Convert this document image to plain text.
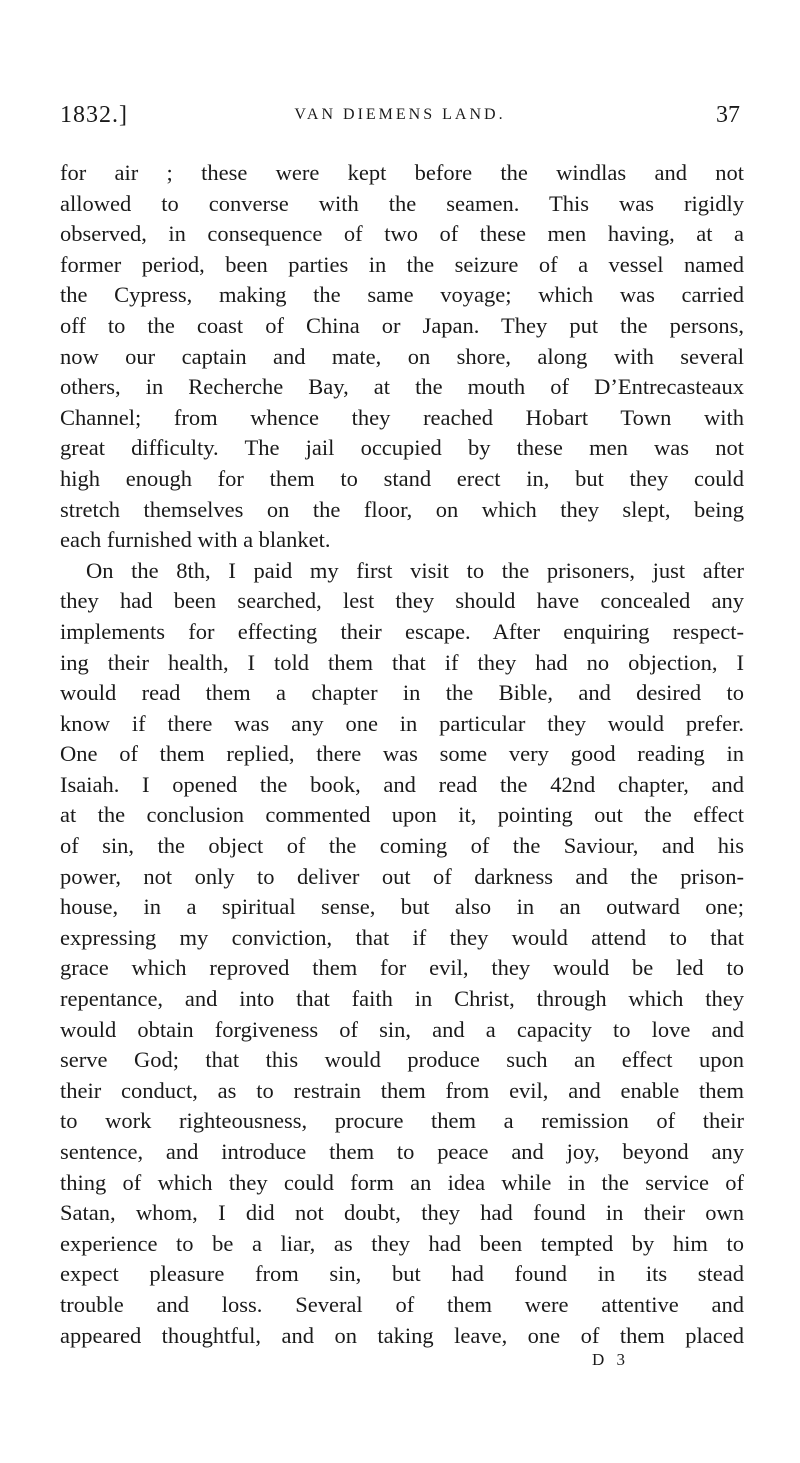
1832.]	VAN DIEMENS LAND.	37
for air ; these were kept before the windlas and not
allowed to converse with the seamen. This was rigidly
observed, in consequence of two of these men having, at a
former period, been parties in the seizure of a vessel named
the Cypress, making the same voyage; which was carried
off to the coast of China or Japan. They put the persons,
now our captain and mate, on shore, along with several
others, in Recherche Bay, at the mouth of D’Entrecasteaux
Channel; from whence they reached Hobart Town with
great difficulty. The jail occupied by these men was not
high enough for them to stand erect in, but they could
stretch themselves on the floor, on which they slept, being
each furnished with a blanket.
On the 8th, I paid my first visit to the prisoners, just after
they had been searched, lest they should have concealed any
implements for effecting their escape. After enquiring respect-
ing their health, I told them that if they had no objection, I
would read them a chapter in the Bible, and desired to
know if there was any one in particular they would prefer.
One of them replied, there was some very good reading in
Isaiah. I opened the book, and read the 42nd chapter, and
at the conclusion commented upon it, pointing out the effect
of sin, the object of the coming of the Saviour, and his
power, not only to deliver out of darkness and the prison-
house, in a spiritual sense, but also in an outward one;
expressing my conviction, that if they would attend to that
grace which reproved them for evil, they would be led to
repentance, and into that faith in Christ, through which they
would obtain forgiveness of sin, and a capacity to love and
serve God; that this would produce such an effect upon
their conduct, as to restrain them from evil, and enable them
to work righteousness, procure them a remission of their
sentence, and introduce them to peace and joy, beyond any
thing of which they could form an idea while in the service of
Satan, whom, I did not doubt, they had found in their own
experience to be a liar, as they had been tempted by him to
expect pleasure from sin, but had found in its stead
trouble and loss. Several of them were attentive and
appeared thoughtful, and on taking leave, one of them placed
D 3
